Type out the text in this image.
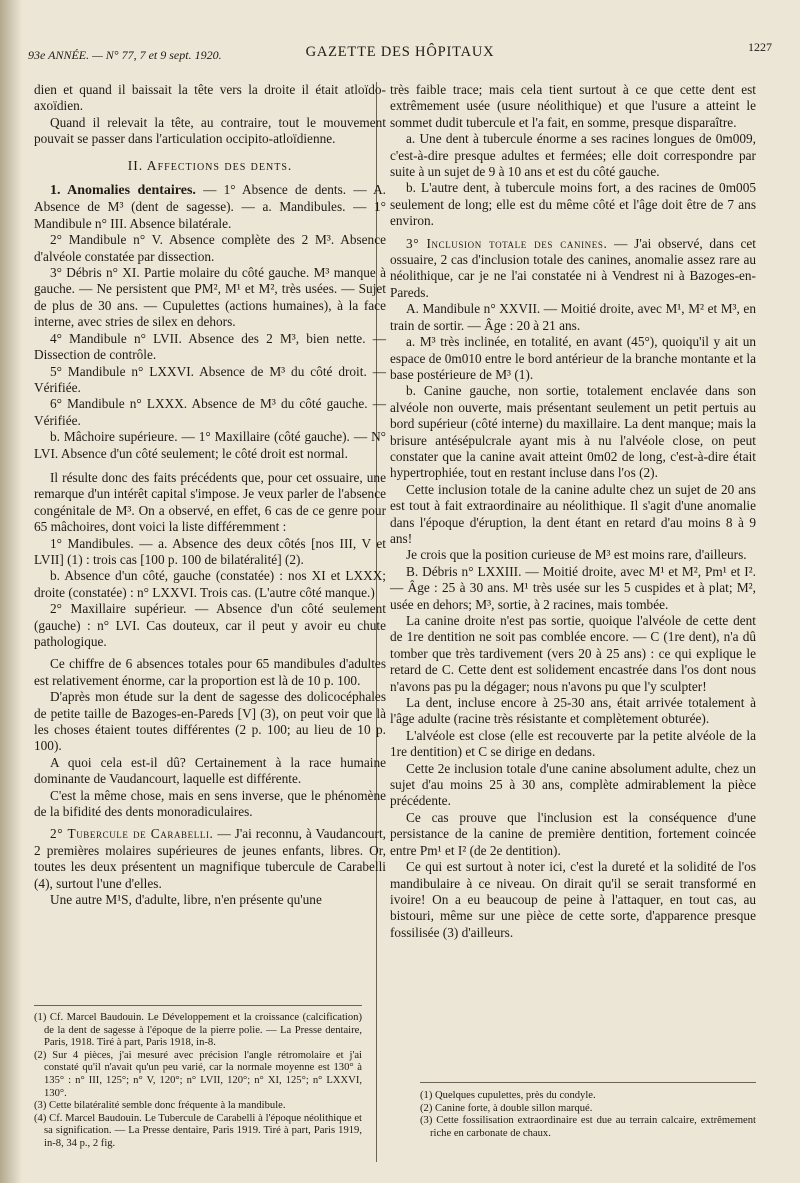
93e ANNÉE. — N° 77, 7 et 9 sept. 1920.	GAZETTE DES HÔPITAUX	1227

dien et quand il baissait la tête vers la droite il était atloïdo-axoïdien.

Quand il relevait la tête, au contraire, tout le mouvement pouvait se passer dans l'articulation occipito-atloïdienne.

II. Affections des dents.

1. Anomalies dentaires. — 1° Absence de dents. — A. Absence de M³ (dent de sagesse). — a. Mandibules. — 1° Mandibule n° III. Absence bilatérale.

2° Mandibule n° V. Absence complète des 2 M³. Absence d'alvéole constatée par dissection.

3° Débris n° XI. Partie molaire du côté gauche. M³ manque à gauche. — Ne persistent que PM², M¹ et M², très usées. — Sujet de plus de 30 ans. — Cupulettes (actions humaines), à la face interne, avec stries de silex en dehors.

4° Mandibule n° LVII. Absence des 2 M³, bien nette. — Dissection de contrôle.

5° Mandibule n° LXXVI. Absence de M³ du côté droit. — Vérifiée.

6° Mandibule n° LXXX. Absence de M³ du côté gauche. — Vérifiée.

b. Mâchoire supérieure. — 1° Maxillaire (côté gauche). — N° LVI. Absence d'un côté seulement; le côté droit est normal.

Il résulte donc des faits précédents que, pour cet ossuaire, une remarque d'un intérêt capital s'impose. Je veux parler de l'absence congénitale de M³. On a observé, en effet, 6 cas de ce genre pour 65 mâchoires, dont voici la liste différemment :

1° Mandibules. — a. Absence des deux côtés [nos III, V et LVII] (1) : trois cas [100 p. 100 de bilatéralité] (2).

b. Absence d'un côté, gauche (constatée) : nos XI et LXXX; droite (constatée) : n° LXXVI. Trois cas. (L'autre côté manque.)

2° Maxillaire supérieur. — Absence d'un côté seulement (gauche) : n° LVI. Cas douteux, car il peut y avoir eu chute pathologique.

Ce chiffre de 6 absences totales pour 65 mandibules d'adultes est relativement énorme, car la proportion est là de 10 p. 100.

D'après mon étude sur la dent de sagesse des dolicocéphales de petite taille de Bazoges-en-Pareds [V] (3), on peut voir que là les choses étaient toutes différentes (2 p. 100; au lieu de 10 p. 100).

A quoi cela est-il dû? Certainement à la race humaine dominante de Vaudancourt, laquelle est différente.

C'est la même chose, mais en sens inverse, que le phénomène de la bifidité des dents monoradiculaires.

2° Tubercule de Carabelli. — J'ai reconnu, à Vaudancourt, 2 premières molaires supérieures de jeunes enfants, libres. Or, toutes les deux présentent un magnifique tubercule de Carabelli (4), surtout l'une d'elles.

Une autre M¹S, d'adulte, libre, n'en présente qu'une

(1) Cf. Marcel Baudouin. Le Développement et la croissance (calcification) de la dent de sagesse à l'époque de la pierre polie. — La Presse dentaire, Paris, 1918. Tiré à part, Paris 1918, in-8.

(2) Sur 4 pièces, j'ai mesuré avec précision l'angle rétromolaire et j'ai constaté qu'il n'avait qu'un peu varié, car la normale moyenne est 130° à 135° : n° III, 125°; n° V, 120°; n° LVII, 120°; n° XI, 125°; n° LXXVI, 130°.

(3) Cette bilatéralité semble donc fréquente à la mandibule.

(4) Cf. Marcel Baudouin. Le Tubercule de Carabelli à l'époque néolithique et sa signification. — La Presse dentaire, Paris 1919. Tiré à part, Paris 1919, in-8, 34 p., 2 fig.

très faible trace; mais cela tient surtout à ce que cette dent est extrêmement usée (usure néolithique) et que l'usure a atteint le sommet dudit tubercule et l'a fait, en somme, presque disparaître.

a. Une dent à tubercule énorme a ses racines longues de 0m009, c'est-à-dire presque adultes et fermées; elle doit correspondre par suite à un sujet de 9 à 10 ans et est du côté gauche.

b. L'autre dent, à tubercule moins fort, a des racines de 0m005 seulement de long; elle est du même côté et l'âge doit être de 7 ans environ.

3° Inclusion totale des canines. — J'ai observé, dans cet ossuaire, 2 cas d'inclusion totale des canines, anomalie assez rare au néolithique, car je ne l'ai constatée ni à Vendrest ni à Bazoges-en-Pareds.

A. Mandibule n° XXVII. — Moitié droite, avec M¹, M² et M³, en train de sortir. — Âge : 20 à 21 ans.

a. M³ très inclinée, en totalité, en avant (45°), quoiqu'il y ait un espace de 0m010 entre le bord antérieur de la branche montante et la base postérieure de M³ (1).

b. Canine gauche, non sortie, totalement enclavée dans son alvéole non ouverte, mais présentant seulement un petit pertuis au bord supérieur (côté interne) du maxillaire. La dent manque; mais la brisure antésépulcrale ayant mis à nu l'alvéole close, on peut constater que la canine avait atteint 0m02 de long, c'est-à-dire était hypertrophiée, tout en restant incluse dans l'os (2).

Cette inclusion totale de la canine adulte chez un sujet de 20 ans est tout à fait extraordinaire au néolithique. Il s'agit d'une anomalie dans l'époque d'éruption, la dent étant en retard d'au moins 8 à 9 ans!

Je crois que la position curieuse de M³ est moins rare, d'ailleurs.

B. Débris n° LXXIII. — Moitié droite, avec M¹ et M², Pm¹ et I². — Âge : 25 à 30 ans. M¹ très usée sur les 5 cuspides et à plat; M², usée en dehors; M³, sortie, à 2 racines, mais tombée.

La canine droite n'est pas sortie, quoique l'alvéole de cette dent de 1re dentition ne soit pas comblée encore. — C (1re dent), n'a dû tomber que très tardivement (vers 20 à 25 ans) : ce qui explique le retard de C. Cette dent est solidement encastrée dans l'os dont nous n'avons pas pu la dégager; nous n'avons pu que l'y sculpter!

La dent, incluse encore à 25-30 ans, était arrivée totalement à l'âge adulte (racine très résistante et complètement obturée).

L'alvéole est close (elle est recouverte par la petite alvéole de la 1re dentition) et C se dirige en dedans.

Cette 2e inclusion totale d'une canine absolument adulte, chez un sujet d'au moins 25 à 30 ans, complète admirablement la pièce précédente.

Ce cas prouve que l'inclusion est la conséquence d'une persistance de la canine de première dentition, fortement coincée entre Pm¹ et I² (de 2e dentition).

Ce qui est surtout à noter ici, c'est la dureté et la solidité de l'os mandibulaire à ce niveau. On dirait qu'il se serait transformé en ivoire! On a eu beaucoup de peine à l'attaquer, en tout cas, au bistouri, même sur une pièce de cette sorte, d'apparence presque fossilisée (3) d'ailleurs.

(1) Quelques cupulettes, près du condyle.

(2) Canine forte, à double sillon marqué.

(3) Cette fossilisation extraordinaire est due au terrain calcaire, extrêmement riche en carbonate de chaux.
